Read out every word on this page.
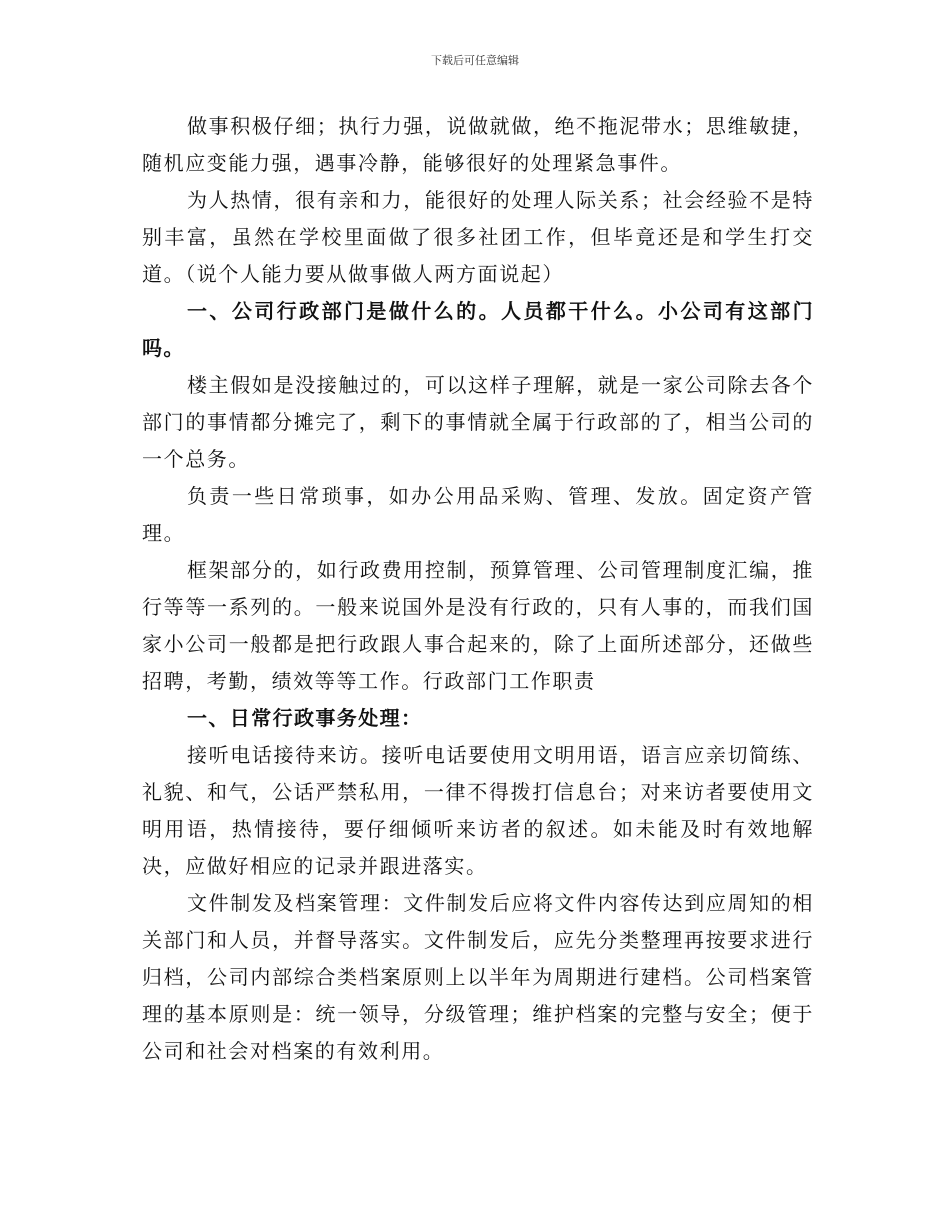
下载后可任意编辑

做事积极仔细；执行力强，说做就做，绝不拖泥带水；思维敏捷，随机应变能力强，遇事冷静，能够很好的处理紧急事件。

为人热情，很有亲和力，能很好的处理人际关系；社会经验不是特别丰富，虽然在学校里面做了很多社团工作，但毕竟还是和学生打交道。（说个人能力要从做事做人两方面说起）

一、公司行政部门是做什么的。人员都干什么。小公司有这部门吗。

楼主假如是没接触过的，可以这样子理解，就是一家公司除去各个部门的事情都分摊完了，剩下的事情就全属于行政部的了，相当公司的一个总务。

负责一些日常琐事，如办公用品采购、管理、发放。固定资产管理。

框架部分的，如行政费用控制，预算管理、公司管理制度汇编，推行等等一系列的。一般来说国外是没有行政的，只有人事的，而我们国家小公司一般都是把行政跟人事合起来的，除了上面所述部分，还做些招聘，考勤，绩效等等工作。行政部门工作职责

一、日常行政事务处理：

接听电话接待来访。接听电话要使用文明用语，语言应亲切简练、礼貌、和气，公话严禁私用，一律不得拨打信息台；对来访者要使用文明用语，热情接待，要仔细倾听来访者的叙述。如未能及时有效地解决，应做好相应的记录并跟进落实。

文件制发及档案管理：文件制发后应将文件内容传达到应周知的相关部门和人员，并督导落实。文件制发后，应先分类整理再按要求进行归档，公司内部综合类档案原则上以半年为周期进行建档。公司档案管理的基本原则是：统一领导，分级管理；维护档案的完整与安全；便于公司和社会对档案的有效利用。
